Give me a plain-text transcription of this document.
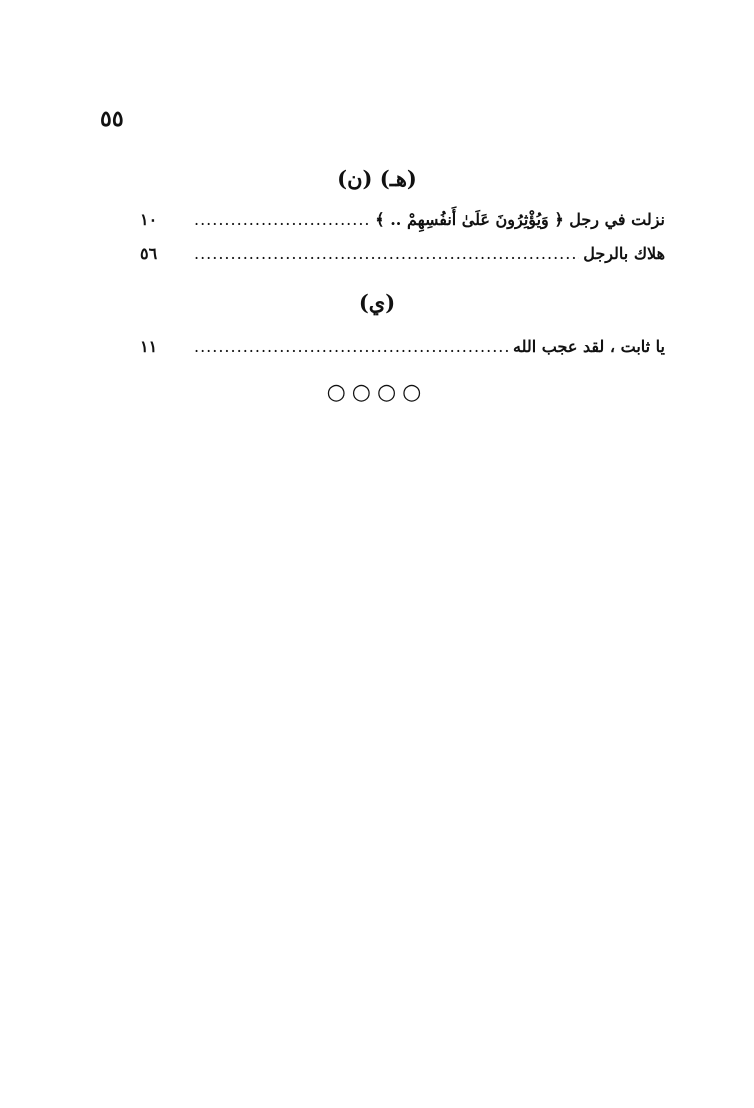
٥٥
(ن) (هـ)
نزلت في رجل ﴿ وَيُؤْثِرُونَ عَلَىٰ أَنفُسِهِمْ .. ﴾
.....
١٠
هلاك بالرجل
.....
٥٦
(ي)
يا ثابت ، لقد عجب الله
.....
١١
○○○○
